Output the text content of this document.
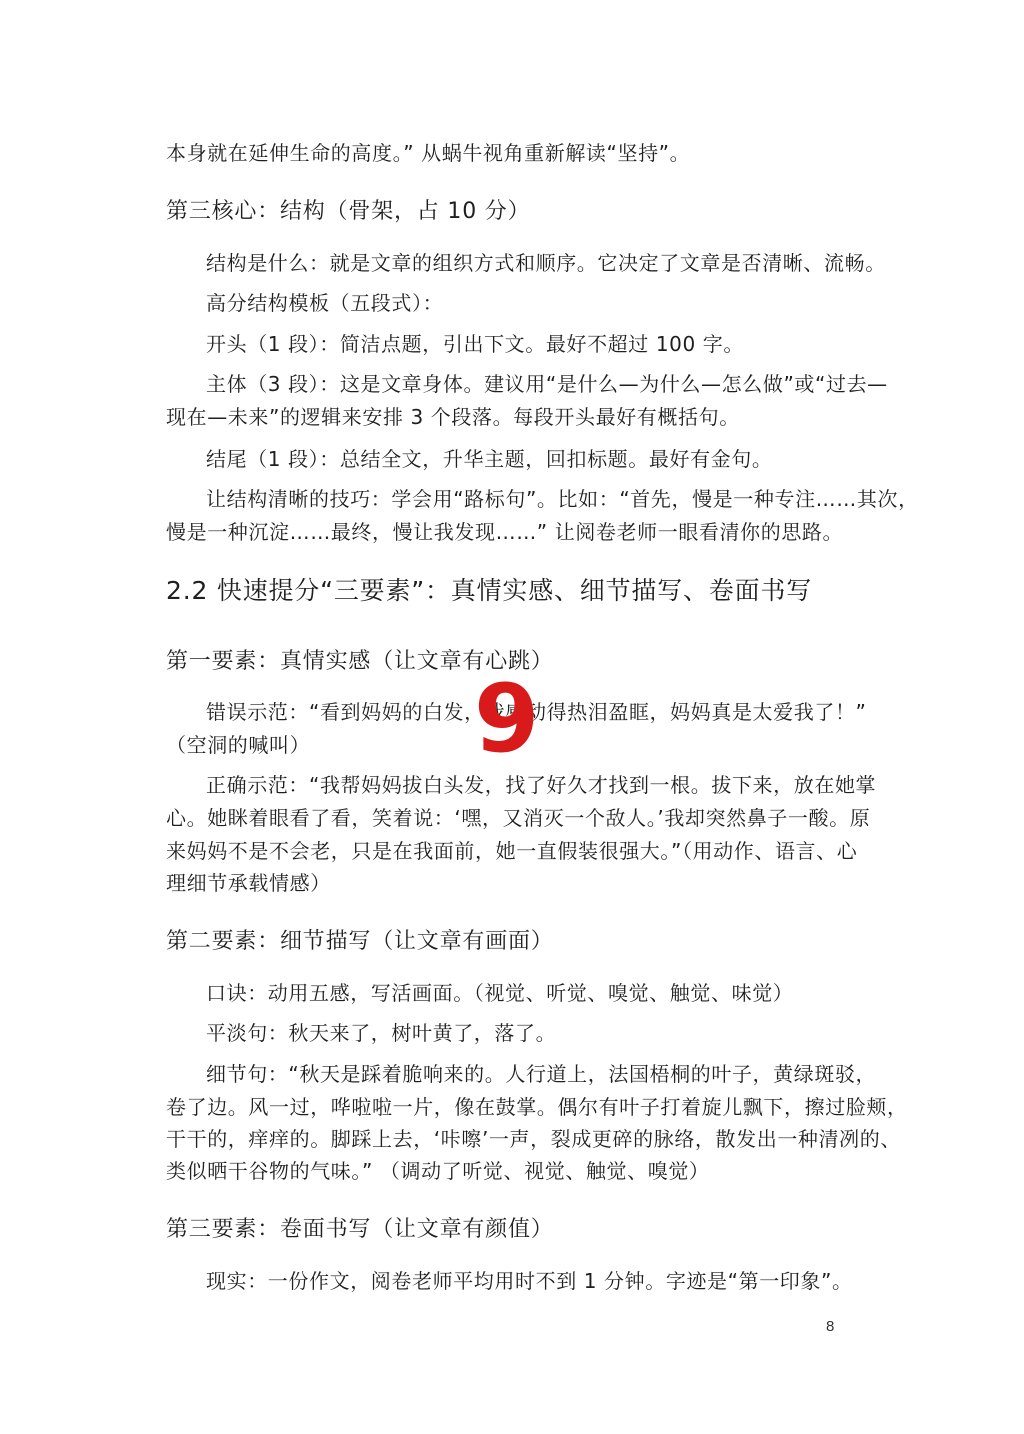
本身就在延伸生命的高度。” 从蜗牛视角重新解读“坚持”。
第三核心：结构（骨架，占 10 分）
结构是什么：就是文章的组织方式和顺序。它决定了文章是否清晰、流畅。
高分结构模板（五段式）：
开头（1 段）：简洁点题，引出下文。最好不超过 100 字。
主体（3 段）：这是文章身体。建议用“是什么—为什么—怎么做”或“过去—
现在—未来”的逻辑来安排 3 个段落。每段开头最好有概括句。
结尾（1 段）：总结全文，升华主题，回扣标题。最好有金句。
让结构清晰的技巧：学会用“路标句”。比如：“首先，慢是一种专注……其次，
慢是一种沉淀……最终，慢让我发现……” 让阅卷老师一眼看清你的思路。
2.2 快速提分“三要素”：真情实感、细节描写、卷面书写
第一要素：真情实感（让文章有心跳）
错误示范：“看到妈妈的白发，我感动得热泪盈眶，妈妈真是太爱我了！”
（空洞的喊叫）
正确示范：“我帮妈妈拔白头发，找了好久才找到一根。拔下来，放在她掌
心。她眯着眼看了看，笑着说：‘嘿，又消灭一个敌人。’我却突然鼻子一酸。原
来妈妈不是不会老，只是在我面前，她一直假装很强大。”（用动作、语言、心
理细节承载情感）
第二要素：细节描写（让文章有画面）
口诀：动用五感，写活画面。（视觉、听觉、嗅觉、触觉、味觉）
平淡句：秋天来了，树叶黄了，落了。
细节句：“秋天是踩着脆响来的。人行道上，法国梧桐的叶子，黄绿斑驳，
卷了边。风一过，哗啦啦一片，像在鼓掌。偶尔有叶子打着旋儿飘下，擦过脸颊，
干干的，痒痒的。脚踩上去，‘咔嚓’一声，裂成更碎的脉络，散发出一种清冽的、
类似晒干谷物的气味。” （调动了听觉、视觉、触觉、嗅觉）
第三要素：卷面书写（让文章有颜值）
现实：一份作文，阅卷老师平均用时不到 1 分钟。字迹是“第一印象”。
9
8
